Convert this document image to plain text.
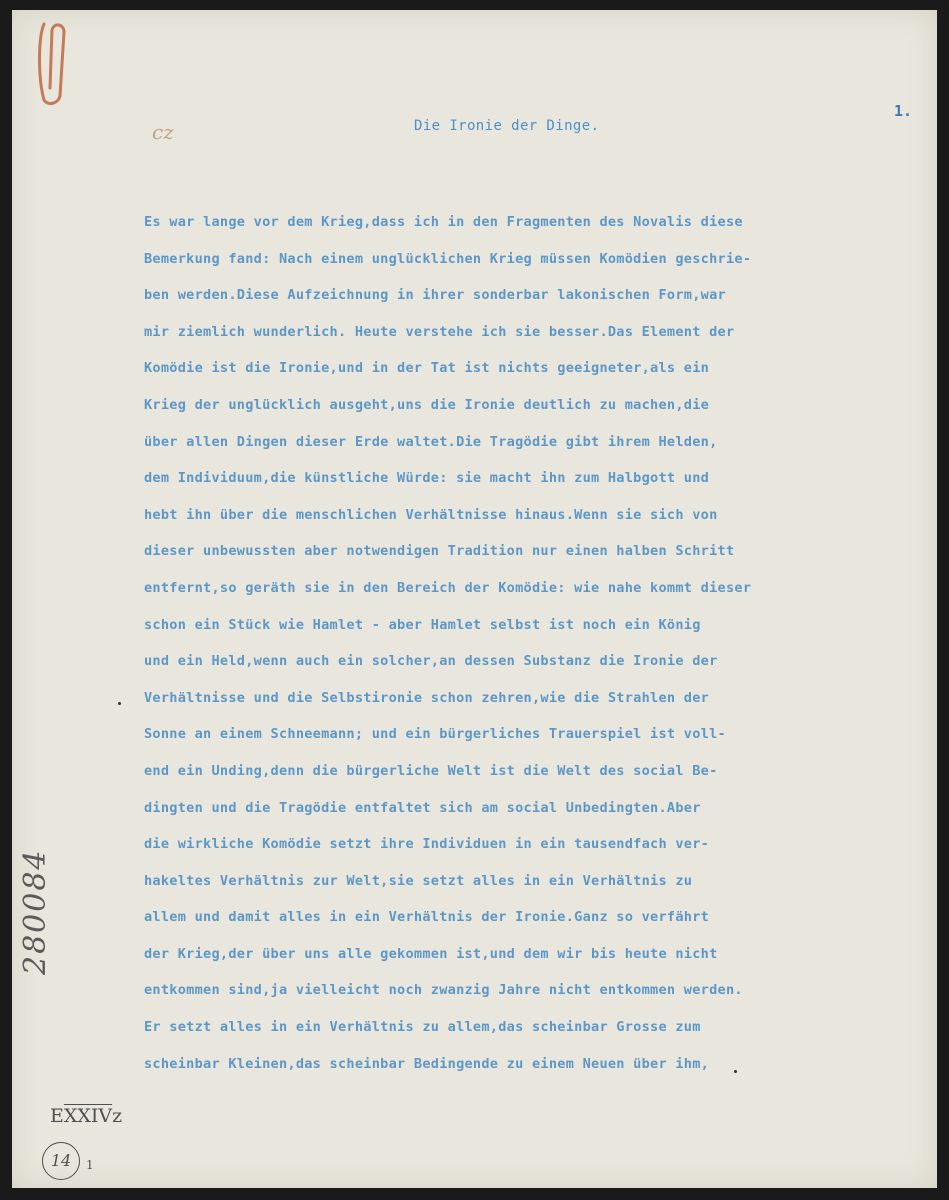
cz	Die Ironie der Dinge.
1.
Es war lange vor dem Krieg,dass ich in den Fragmenten des Novalis diese
Bemerkung fand: Nach einem unglücklichen Krieg müssen Komödien geschrie-
ben werden.Diese Aufzeichnung in ihrer sonderbar lakonischen Form,war
mir ziemlich wunderlich. Heute verstehe ich sie besser.Das Element der
Komödie ist die Ironie,und in der Tat ist nichts geeigneter,als ein
Krieg der unglücklich ausgeht,uns die Ironie deutlich zu machen,die
über allen Dingen dieser Erde waltet.Die Tragödie gibt ihrem Helden,
dem Individuum,die künstliche Würde: sie macht ihn zum Halbgott und
hebt ihn über die menschlichen Verhältnisse hinaus.Wenn sie sich von
dieser unbewussten aber notwendigen Tradition nur einen halben Schritt
entfernt,so geräth sie in den Bereich der Komödie: wie nahe kommt dieser
schon ein Stück wie Hamlet - aber Hamlet selbst ist noch ein König
und ein Held,wenn auch ein solcher,an dessen Substanz die Ironie der
Verhältnisse und die Selbstironie schon zehren,wie die Strahlen der
Sonne an einem Schneemann; und ein bürgerliches Trauerspiel ist voll-
end ein Unding,denn die bürgerliche Welt ist die Welt des social Be-
dingten und die Tragödie entfaltet sich am social Unbedingten.Aber
die wirkliche Komödie setzt ihre Individuen in ein tausendfach ver-
hakeltes Verhältnis zur Welt,sie setzt alles in ein Verhältnis zu
allem und damit alles in ein Verhältnis der Ironie.Ganz so verfährt
der Krieg,der über uns alle gekommen ist,und dem wir bis heute nicht
entkommen sind,ja vielleicht noch zwanzig Jahre nicht entkommen werden.
Er setzt alles in ein Verhältnis zu allem,das scheinbar Grosse zum
scheinbar Kleinen,das scheinbar Bedingende zu einem Neuen über ihm,
280084
EXXIVz
14	1
